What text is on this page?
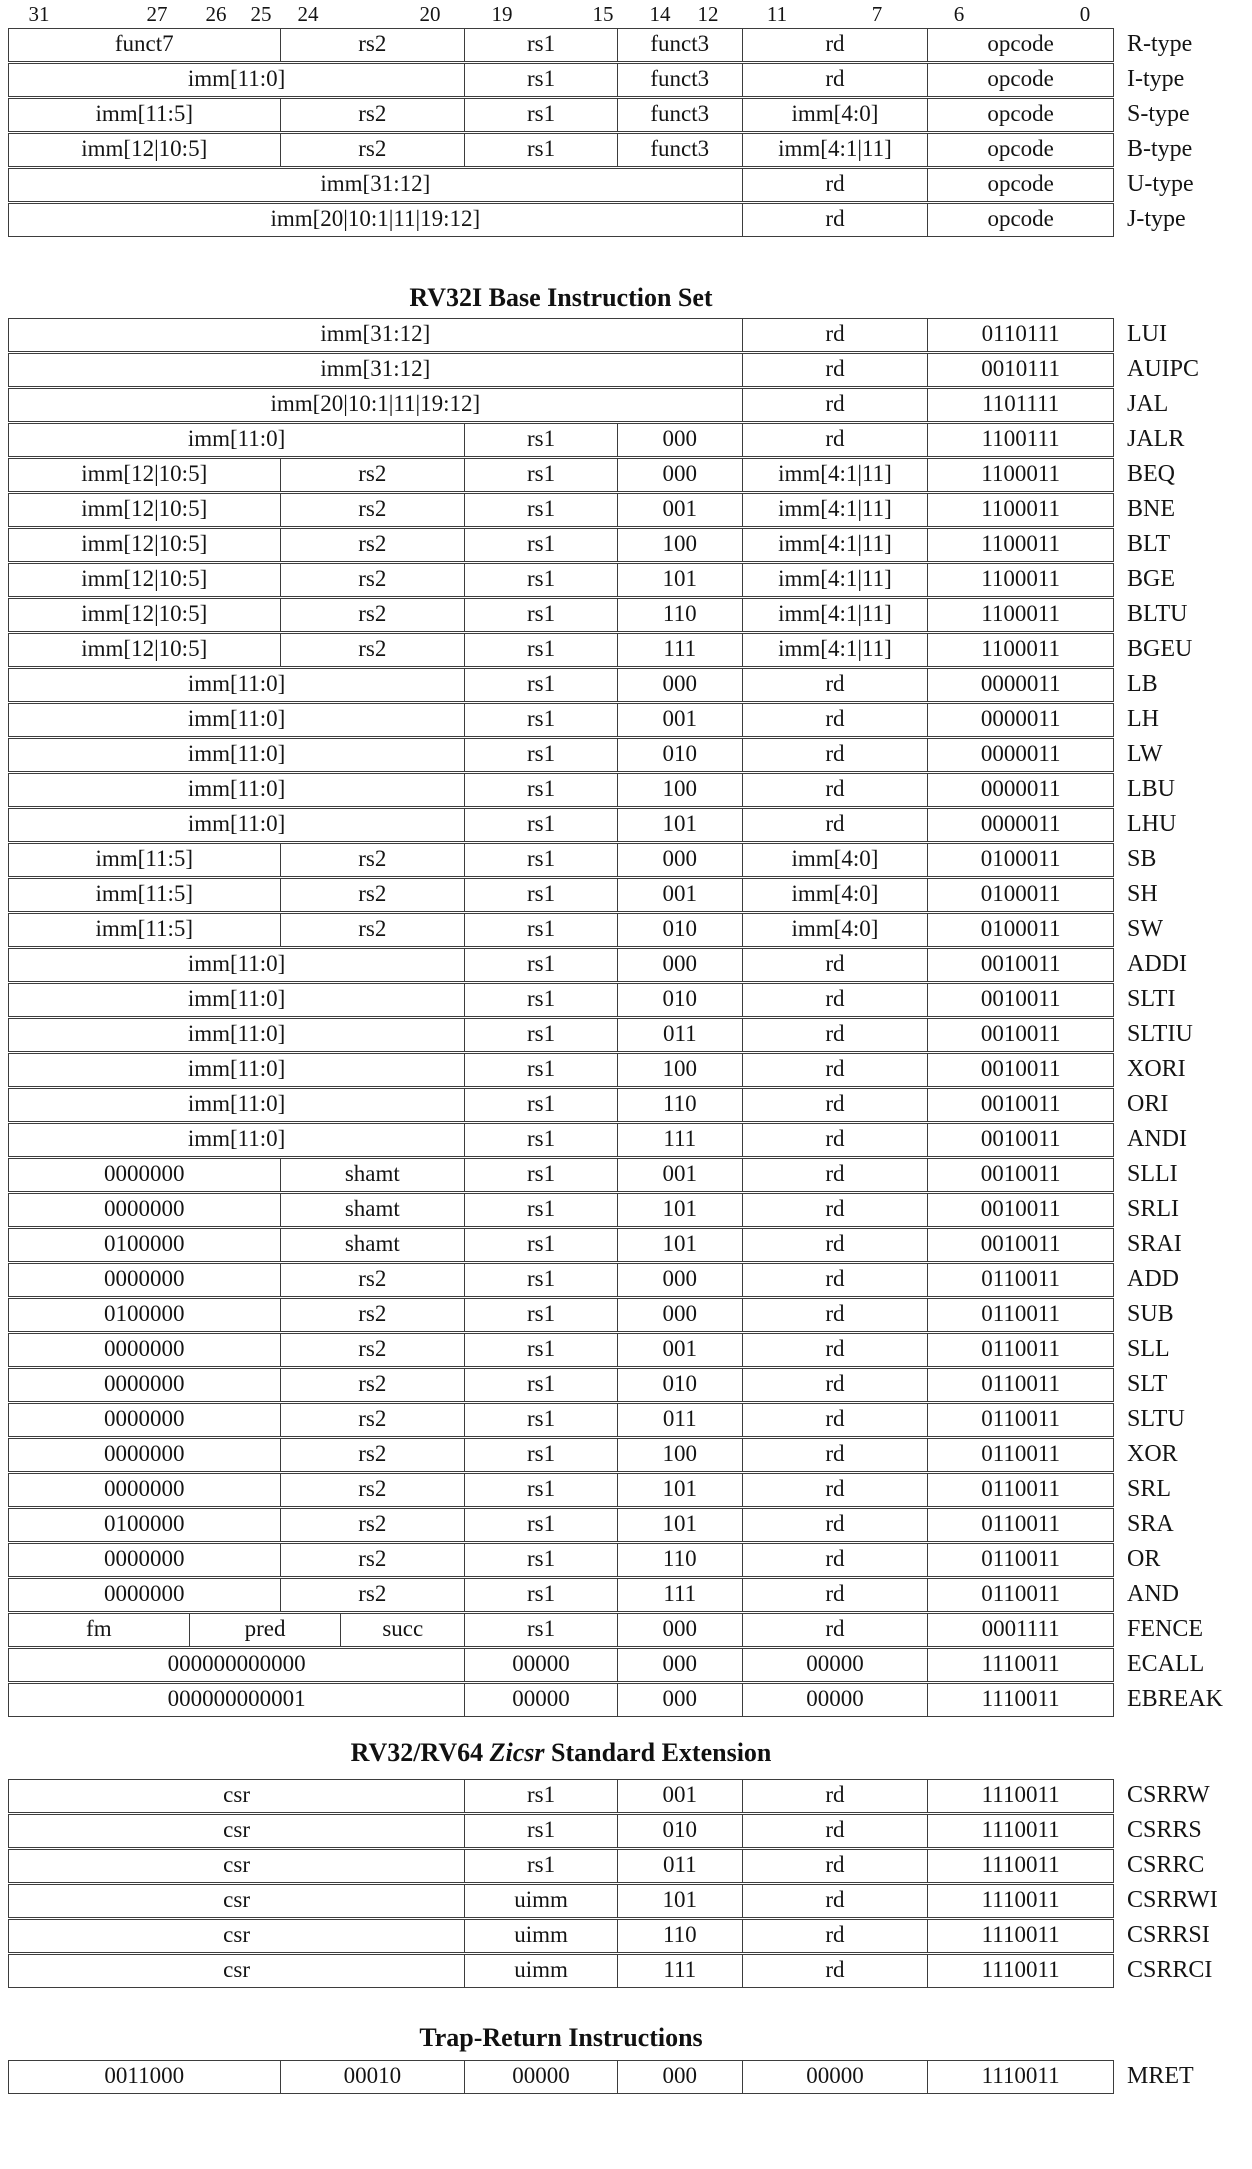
31	27 26 25 24	20 19	15 14 12 11	7	6	0
funct7	rs2	rs1	funct3	rd	opcode	R-type
imm[11:0]	rs1	funct3	rd	opcode	I-type
imm[11:5]	rs2	rs1	funct3	imm[4:0]	opcode	S-type
imm[12|10:5]	rs2	rs1	funct3	imm[4:1|11]	opcode	B-type
imm[31:12]	rd	opcode	U-type
imm[20|10:1|11|19:12]	rd	opcode	J-type
RV32I Base Instruction Set
imm[31:12]	rd	0110111	LUI
imm[31:12]	rd	0010111	AUIPC
imm[20|10:1|11|19:12]	rd	1101111	JAL
imm[11:0]	rs1	000	rd	1100111	JALR
imm[12|10:5]	rs2	rs1	000	imm[4:1|11]	1100011	BEQ
imm[12|10:5]	rs2	rs1	001	imm[4:1|11]	1100011	BNE
imm[12|10:5]	rs2	rs1	100	imm[4:1|11]	1100011	BLT
imm[12|10:5]	rs2	rs1	101	imm[4:1|11]	1100011	BGE
imm[12|10:5]	rs2	rs1	110	imm[4:1|11]	1100011	BLTU
imm[12|10:5]	rs2	rs1	111	imm[4:1|11]	1100011	BGEU
imm[11:0]	rs1	000	rd	0000011	LB
imm[11:0]	rs1	001	rd	0000011	LH
imm[11:0]	rs1	010	rd	0000011	LW
imm[11:0]	rs1	100	rd	0000011	LBU
imm[11:0]	rs1	101	rd	0000011	LHU
imm[11:5]	rs2	rs1	000	imm[4:0]	0100011	SB
imm[11:5]	rs2	rs1	001	imm[4:0]	0100011	SH
imm[11:5]	rs2	rs1	010	imm[4:0]	0100011	SW
imm[11:0]	rs1	000	rd	0010011	ADDI
imm[11:0]	rs1	010	rd	0010011	SLTI
imm[11:0]	rs1	011	rd	0010011	SLTIU
imm[11:0]	rs1	100	rd	0010011	XORI
imm[11:0]	rs1	110	rd	0010011	ORI
imm[11:0]	rs1	111	rd	0010011	ANDI
0000000	shamt	rs1	001	rd	0010011	SLLI
0000000	shamt	rs1	101	rd	0010011	SRLI
0100000	shamt	rs1	101	rd	0010011	SRAI
0000000	rs2	rs1	000	rd	0110011	ADD
0100000	rs2	rs1	000	rd	0110011	SUB
0000000	rs2	rs1	001	rd	0110011	SLL
0000000	rs2	rs1	010	rd	0110011	SLT
0000000	rs2	rs1	011	rd	0110011	SLTU
0000000	rs2	rs1	100	rd	0110011	XOR
0000000	rs2	rs1	101	rd	0110011	SRL
0100000	rs2	rs1	101	rd	0110011	SRA
0000000	rs2	rs1	110	rd	0110011	OR
0000000	rs2	rs1	111	rd	0110011	AND
fm	pred	succ	rs1	000	rd	0001111	FENCE
000000000000	00000	000	00000	1110011	ECALL
000000000001	00000	000	00000	1110011	EBREAK
RV32/RV64 Zicsr Standard Extension
csr	rs1	001	rd	1110011	CSRRW
csr	rs1	010	rd	1110011	CSRRS
csr	rs1	011	rd	1110011	CSRRC
csr	uimm	101	rd	1110011	CSRRWI
csr	uimm	110	rd	1110011	CSRRSI
csr	uimm	111	rd	1110011	CSRRCI
Trap-Return Instructions
0011000	00010	00000	000	00000	1110011	MRET
